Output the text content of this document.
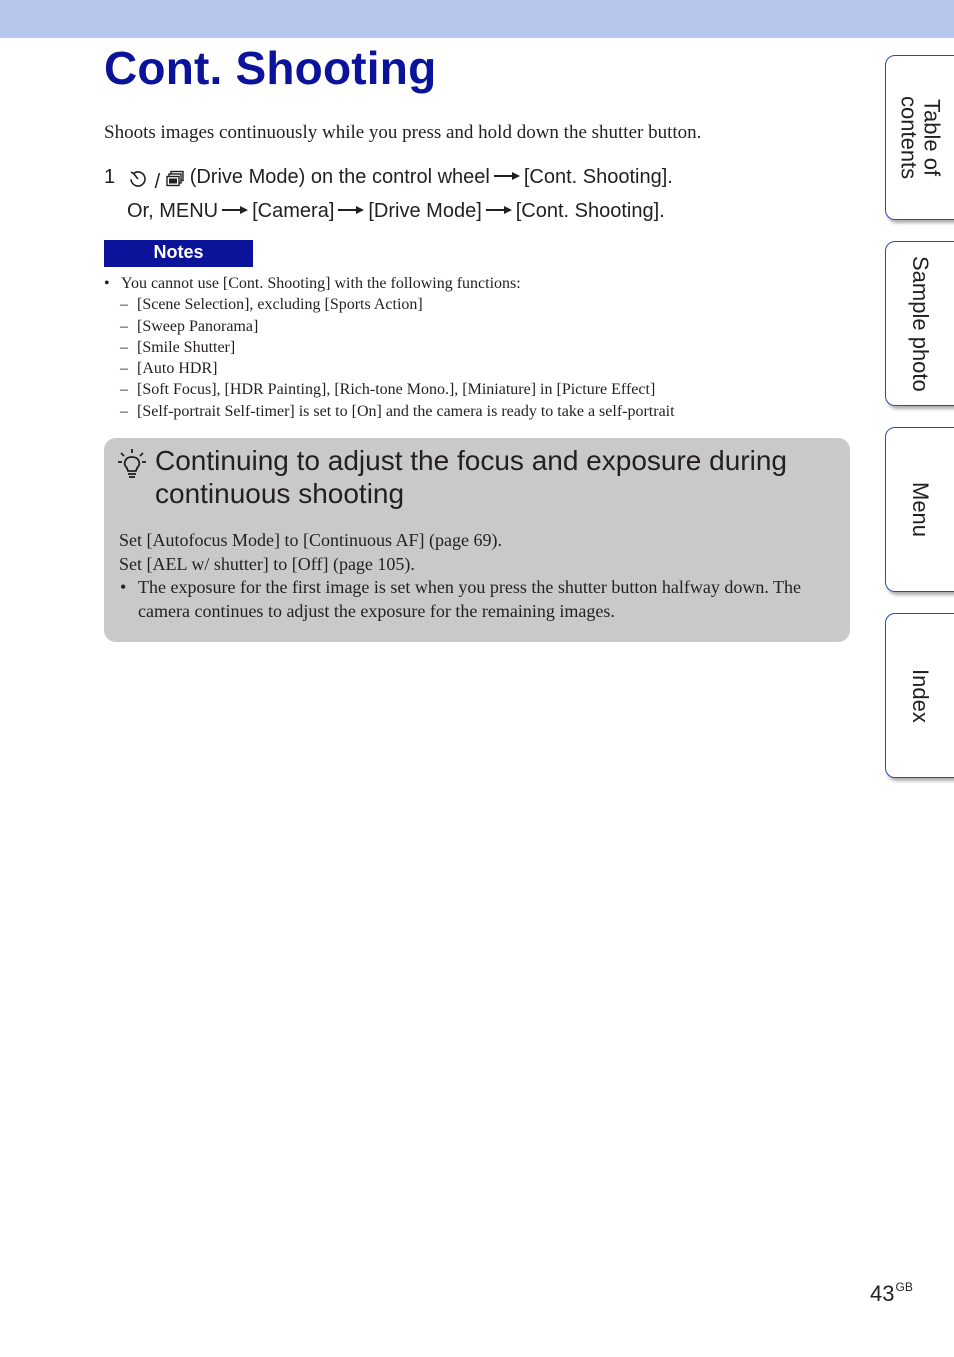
Cont. Shooting
Shoots images continuously while you press and hold down the shutter button.
1	/ (Drive Mode) on the control wheel [Cont. Shooting].
Or, MENU [Camera] [Drive Mode] [Cont. Shooting].
Notes
• You cannot use [Cont. Shooting] with the following functions:
– [Scene Selection], excluding [Sports Action]
– [Sweep Panorama]
– [Smile Shutter]
– [Auto HDR]
– [Soft Focus], [HDR Painting], [Rich-tone Mono.], [Miniature] in [Picture Effect]
– [Self-portrait Self-timer] is set to [On] and the camera is ready to take a self-portrait
Continuing to adjust the focus and exposure during continuous shooting
Set [Autofocus Mode] to [Continuous AF] (page 69).
Set [AEL w/ shutter] to [Off] (page 105).
• The exposure for the first image is set when you press the shutter button halfway down. The camera continues to adjust the exposure for the remaining images.
Table of contents
Sample photo
Menu
Index
$43^{GB}$
